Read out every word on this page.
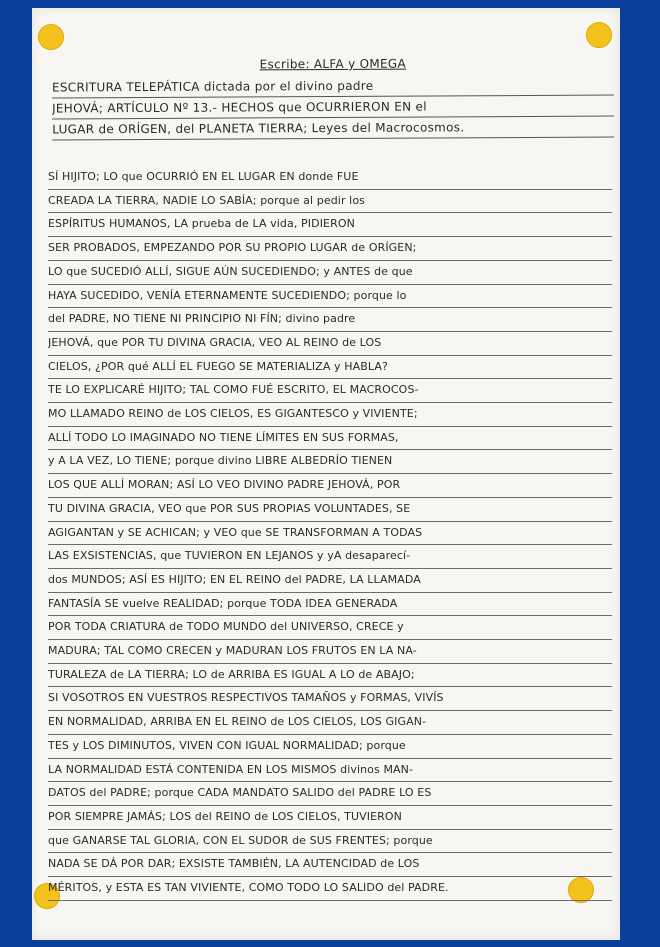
Escribe: ALFA y OMEGA
ESCRITURA TELEPÁTICA dictada por el divino padre
JEHOVÁ; ARTÍCULO Nº 13.- HECHOS que OCURRIERON EN el
LUGAR de ORÍGEN, del PLANETA TIERRA; Leyes del Macrocosmos.
SÍ HIJITO; LO que OCURRIÓ EN EL LUGAR EN donde FUE
CREADA LA TIERRA, NADIE LO SABÍA; porque al pedir los
ESPÍRITUS HUMANOS, LA prueba de LA vida, PIDIERON
SER PROBADOS, EMPEZANDO POR SU PROPIO LUGAR de ORÍGEN;
LO que SUCEDIÓ ALLÍ, SIGUE AÚN SUCEDIENDO; y ANTES de que
HAYA SUCEDIDO, VENÍA ETERNAMENTE SUCEDIENDO; porque lo
del PADRE, NO TIENE NI PRINCIPIO NI FÍN; divino padre
JEHOVÁ, que POR TU DIVINA GRACIA, VEO AL REINO de LOS
CIELOS, ¿POR qué ALLÍ EL FUEGO SE MATERIALIZA y HABLA?
TE LO EXPLICARÉ HIJITO; TAL COMO FUÉ ESCRITO, EL MACROCOS-
MO LLAMADO REINO de LOS CIELOS, ES GIGANTESCO y VIVIENTE;
ALLÍ TODO LO IMAGINADO NO TIENE LÍMITES EN SUS FORMAS,
y A LA VEZ, LO TIENE; porque divino LIBRE ALBEDRÍO TIENEN
LOS QUE ALLÍ MORAN; ASÍ LO VEO DIVINO PADRE JEHOVÁ, POR
TU DIVINA GRACIA, VEO que POR SUS PROPIAS VOLUNTADES, SE
AGIGANTAN y SE ACHICAN; y VEO que SE TRANSFORMAN A TODAS
LAS EXSISTENCIAS, que TUVIERON EN LEJANOS y yA desaparecí-
dos MUNDOS; ASÍ ES HIJITO; EN EL REINO del PADRE, LA LLAMADA
FANTASÍA SE vuelve REALIDAD; porque TODA IDEA GENERADA
POR TODA CRIATURA de TODO MUNDO del UNIVERSO, CRECE y
MADURA; TAL COMO CRECEN y MADURAN LOS FRUTOS EN LA NA-
TURALEZA de LA TIERRA; LO de ARRIBA ES IGUAL A LO de ABAJO;
SI VOSOTROS EN VUESTROS RESPECTIVOS TAMAÑOS y FORMAS, VIVÍS
EN NORMALIDAD, ARRIBA EN EL REINO de LOS CIELOS, LOS GIGAN-
TES y LOS DIMINUTOS, VIVEN CON IGUAL NORMALIDAD; porque
LA NORMALIDAD ESTÁ CONTENIDA EN LOS MISMOS divinos MAN-
DATOS del PADRE; porque CADA MANDATO SALIDO del PADRE LO ES
POR SIEMPRE JAMÁS; LOS del REINO de LOS CIELOS, TUVIERON
que GANARSE TAL GLORIA, CON EL SUDOR de SUS FRENTES; porque
NADA SE DÁ POR DAR; EXSISTE TAMBIÉN, LA AUTENCIDAD de LOS
MÉRITOS, y ESTA ES TAN VIVIENTE, COMO TODO LO SALIDO del PADRE.
